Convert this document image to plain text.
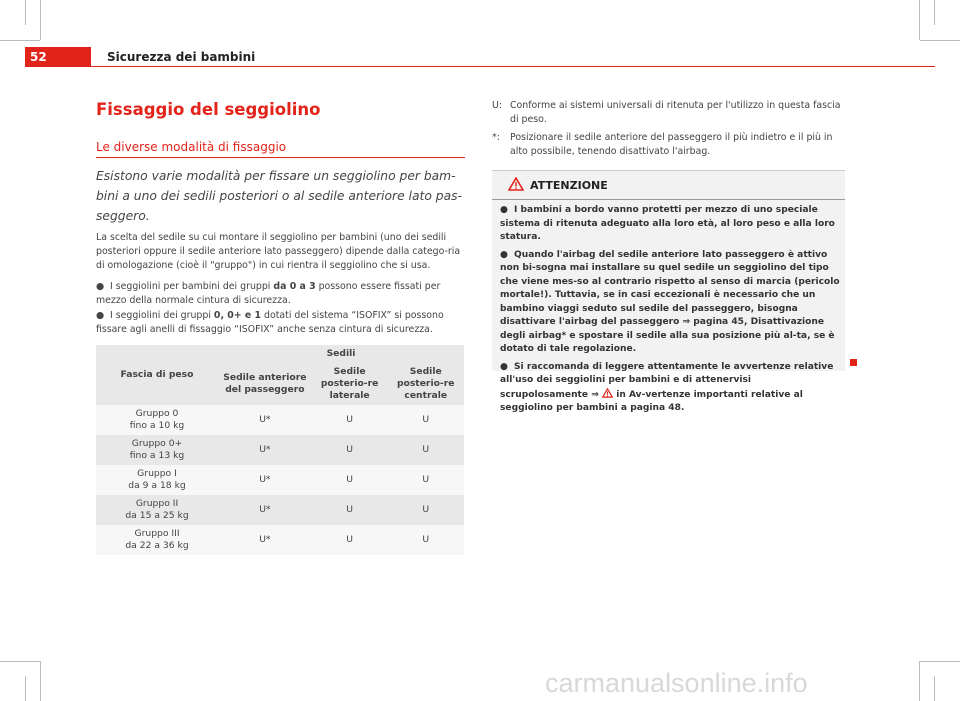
52	Sicurezza dei bambini
Fissaggio del seggiolino
Le diverse modalità di fissaggio
Esistono varie modalità per fissare un seggiolino per bam-bini a uno dei sedili posteriori o al sedile anteriore lato pas-seggero.
La scelta del sedile su cui montare il seggiolino per bambini (uno dei sedili posteriori oppure il sedile anteriore lato passeggero) dipende dalla catego-ria di omologazione (cioè il "gruppo") in cui rientra il seggiolino che si usa.
● I seggiolini per bambini dei gruppi da 0 a 3 possono essere fissati per mezzo della normale cintura di sicurezza.
● I seggiolini dei gruppi 0, 0+ e 1 dotati del sistema “ISOFIX” si possono fissare agli anelli di fissaggio “ISOFIX” anche senza cintura di sicurezza.
Fascia di peso	Sedili		
	Sedile anteriore del passeggero	Sedile posterio-re laterale	Sedile posterio-re centrale

Gruppo 0
fino a 10 kg	U*	U	U

Gruppo 0+
fino a 13 kg	U*	U	U

Gruppo I
da 9 a 18 kg	U*	U	U

Gruppo II
da 15 a 25 kg	U*	U	U

Gruppo III
da 22 a 36 kg	U*	U	U
U: Conforme ai sistemi universali di ritenuta per l'utilizzo in questa fascia di peso.
*:	Posizionare il sedile anteriore del passeggero il più indietro e il più in alto possibile, tenendo disattivato l'airbag.
ATTENZIONE

● I bambini a bordo vanno protetti per mezzo di uno speciale sistema di ritenuta adeguato alla loro età, al loro peso e alla loro statura.

● Quando l'airbag del sedile anteriore lato passeggero è attivo non bi-sogna mai installare su quel sedile un seggiolino del tipo che viene mes-so al contrario rispetto al senso di marcia (pericolo mortale!). Tuttavia, se in casi eccezionali è necessario che un bambino viaggi seduto sul sedile del passeggero, bisogna disattivare l'airbag del passeggero ⇒ pagina 45, Disattivazione degli airbag* e spostare il sedile alla sua posizione più al-ta, se è dotato di tale regolazione.

● Si raccomanda di leggere attentamente le avvertenze relative all'uso dei seggiolini per bambini e di attenervisi scrupolosamente ⇒  in Av-vertenze importanti relative al seggiolino per bambini a pagina 48.

carmanualsonline.info
